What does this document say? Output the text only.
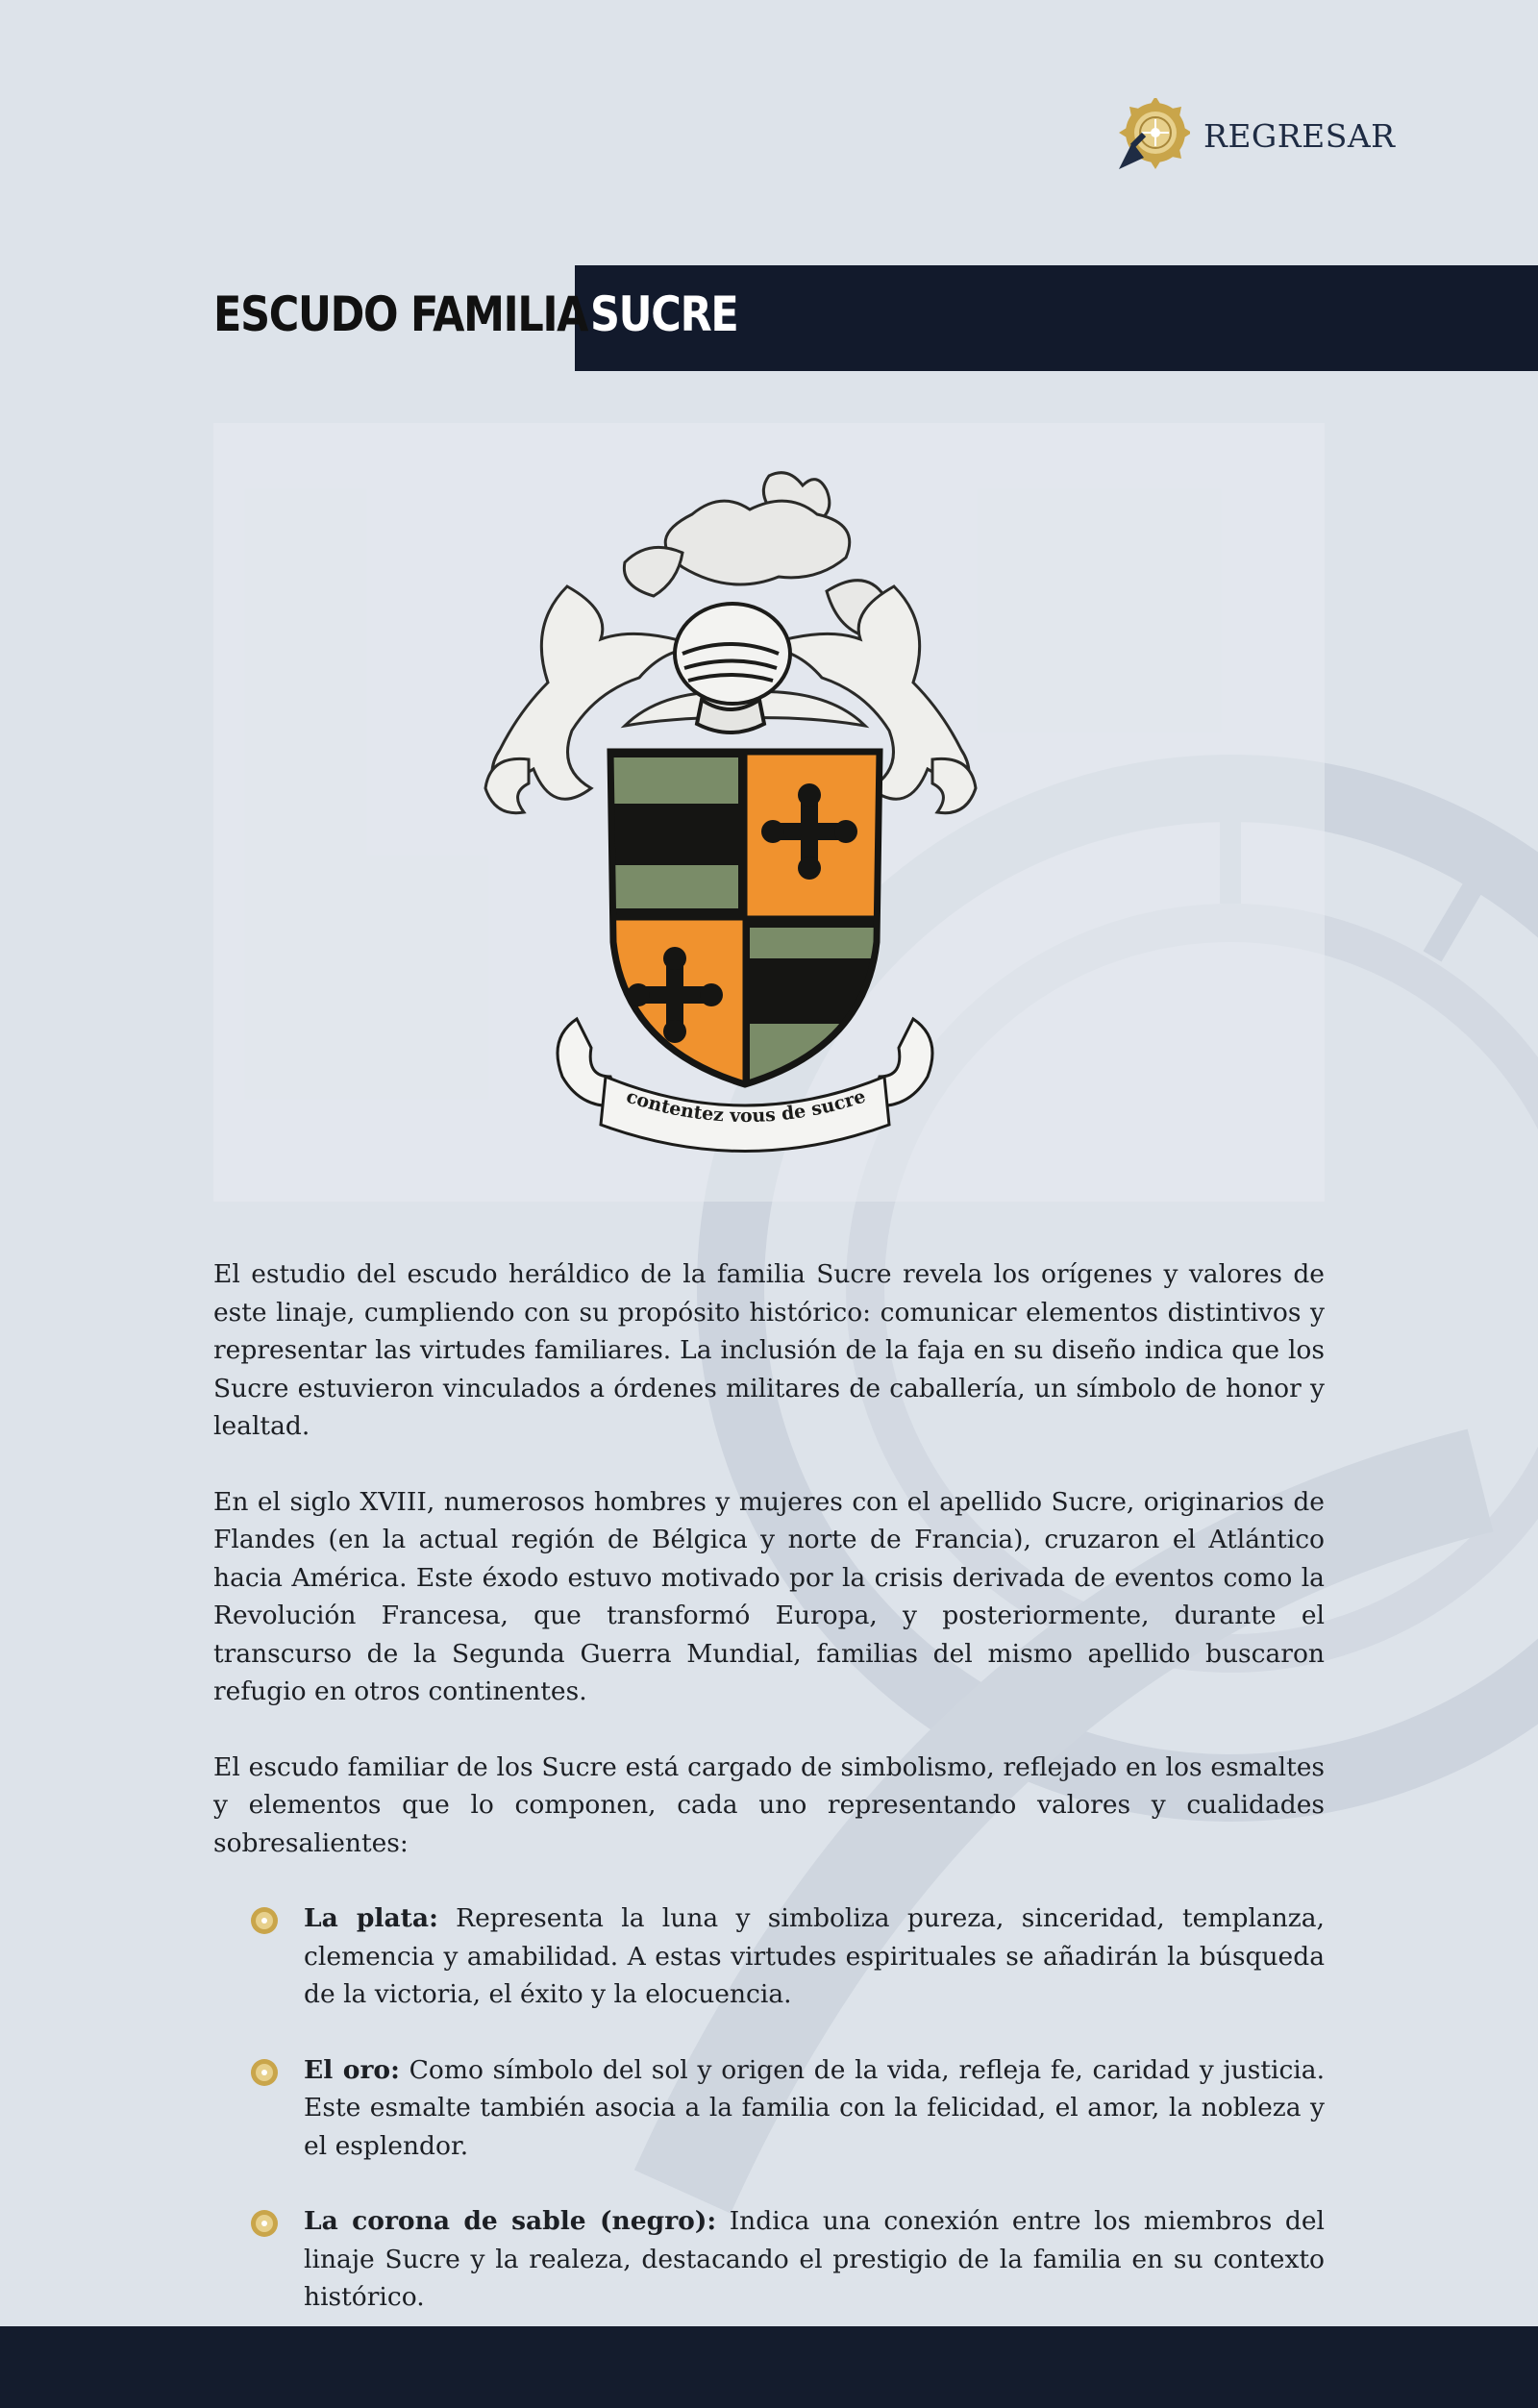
REGRESAR
ESCUDO FAMILIA SUCRE
contentez vous de sucre

El estudio del escudo heráldico de la familia Sucre revela los orígenes y valores de este linaje, cumpliendo con su propósito histórico: comunicar elementos distintivos y representar las virtudes familiares. La inclusión de la faja en su diseño indica que los Sucre estuvieron vinculados a órdenes militares de caballería, un símbolo de honor y lealtad.

En el siglo XVIII, numerosos hombres y mujeres con el apellido Sucre, originarios de Flandes (en la actual región de Bélgica y norte de Francia), cruzaron el Atlántico hacia América. Este éxodo estuvo motivado por la crisis derivada de eventos como la Revolución Francesa, que transformó Europa, y posteriormente, durante el transcurso de la Segunda Guerra Mundial, familias del mismo apellido buscaron refugio en otros continentes.

El escudo familiar de los Sucre está cargado de simbolismo, reflejado en los esmaltes y elementos que lo componen, cada uno representando valores y cualidades sobresalientes:

La plata: Representa la luna y simboliza pureza, sinceridad, templanza, clemencia y amabilidad. A estas virtudes espirituales se añadirán la búsqueda de la victoria, el éxito y la elocuencia.
El oro: Como símbolo del sol y origen de la vida, refleja fe, caridad y justicia. Este esmalte también asocia a la familia con la felicidad, el amor, la nobleza y el esplendor.
La corona de sable (negro): Indica una conexión entre los miembros del linaje Sucre y la realeza, destacando el prestigio de la familia en su contexto histórico.
